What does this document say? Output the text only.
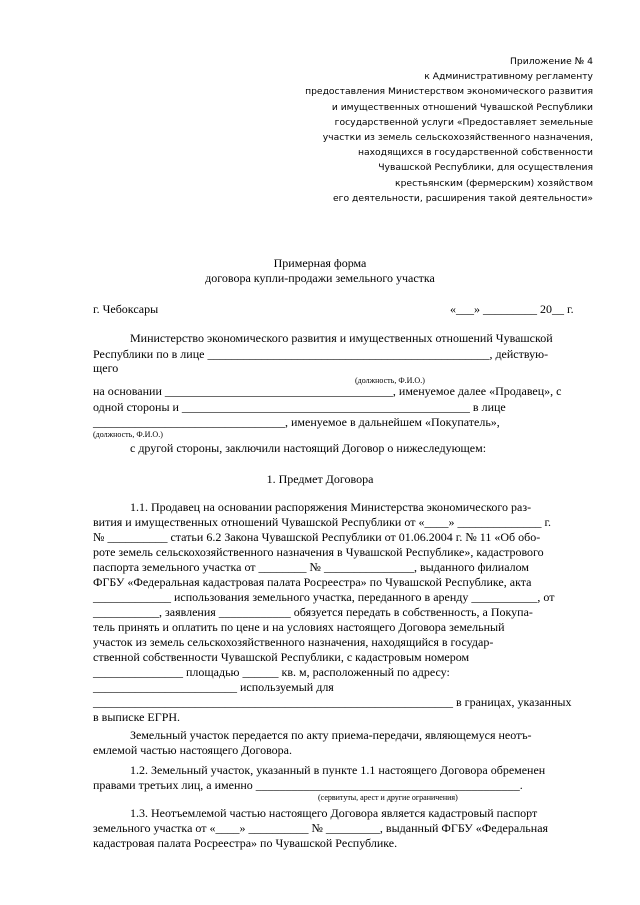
Приложение № 4
к Административному регламенту
предоставления Министерством экономического развития
и имущественных отношений Чувашской Республики
государственной услуги «Предоставляет земельные
участки из земель сельскохозяйственного назначения,
находящихся в государственной собственности
Чувашской Республики, для осуществления
крестьянским (фермерским) хозяйством
его деятельности, расширения такой деятельности»
Примерная форма
договора купли-продажи земельного участка
г. Чебоксары	«___» _________ 20__ г.
Министерство экономического развития и имущественных отношений Чувашской
Республики по в лице _______________________________________________, действую-
щего
(должность, Ф.И.О.)
на основании ______________________________________, именуемое далее «Продавец», с
одной стороны и ________________________________________________ в лице
________________________________, именуемое в дальнейшем «Покупатель»,
(должность, Ф.И.О.)
с другой стороны, заключили настоящий Договор о нижеследующем:
1. Предмет Договора
1.1. Продавец на основании распоряжения Министерства экономического раз-
вития и имущественных отношений Чувашской Республики от «____» ______________ г.
№ __________ статьи 6.2 Закона Чувашской Республики от 01.06.2004 г. № 11 «Об обо-
роте земель сельскохозяйственного назначения в Чувашской Республике», кадастрового
паспорта земельного участка от ________ № _______________, выданного филиалом
ФГБУ «Федеральная кадастровая палата Росреестра» по Чувашской Республике, акта
_____________ использования земельного участка, переданного в аренду ___________, от
___________, заявления ____________ обязуется передать в собственность, а Покупа-
тель принять и оплатить по цене и на условиях настоящего Договора земельный
участок из земель сельскохозяйственного назначения, находящийся в государ-
ственной собственности Чувашской Республики, с кадастровым номером
_______________ площадью ______ кв. м, расположенный по адресу:
________________________ используемый для
____________________________________________________________ в границах, указанных
в выписке ЕГРН.
Земельный участок передается по акту приема-передачи, являющемуся неотъ-
емлемой частью настоящего Договора.
1.2. Земельный участок, указанный в пункте 1.1 настоящего Договора обременен
правами третьих лиц, а именно ____________________________________________.
(сервитуты, арест и другие ограничения)
1.3. Неотъемлемой частью настоящего Договора является кадастровый паспорт
земельного участка от «____» __________ № _________, выданный ФГБУ «Федеральная
кадастровая палата Росреестра» по Чувашской Республике.
